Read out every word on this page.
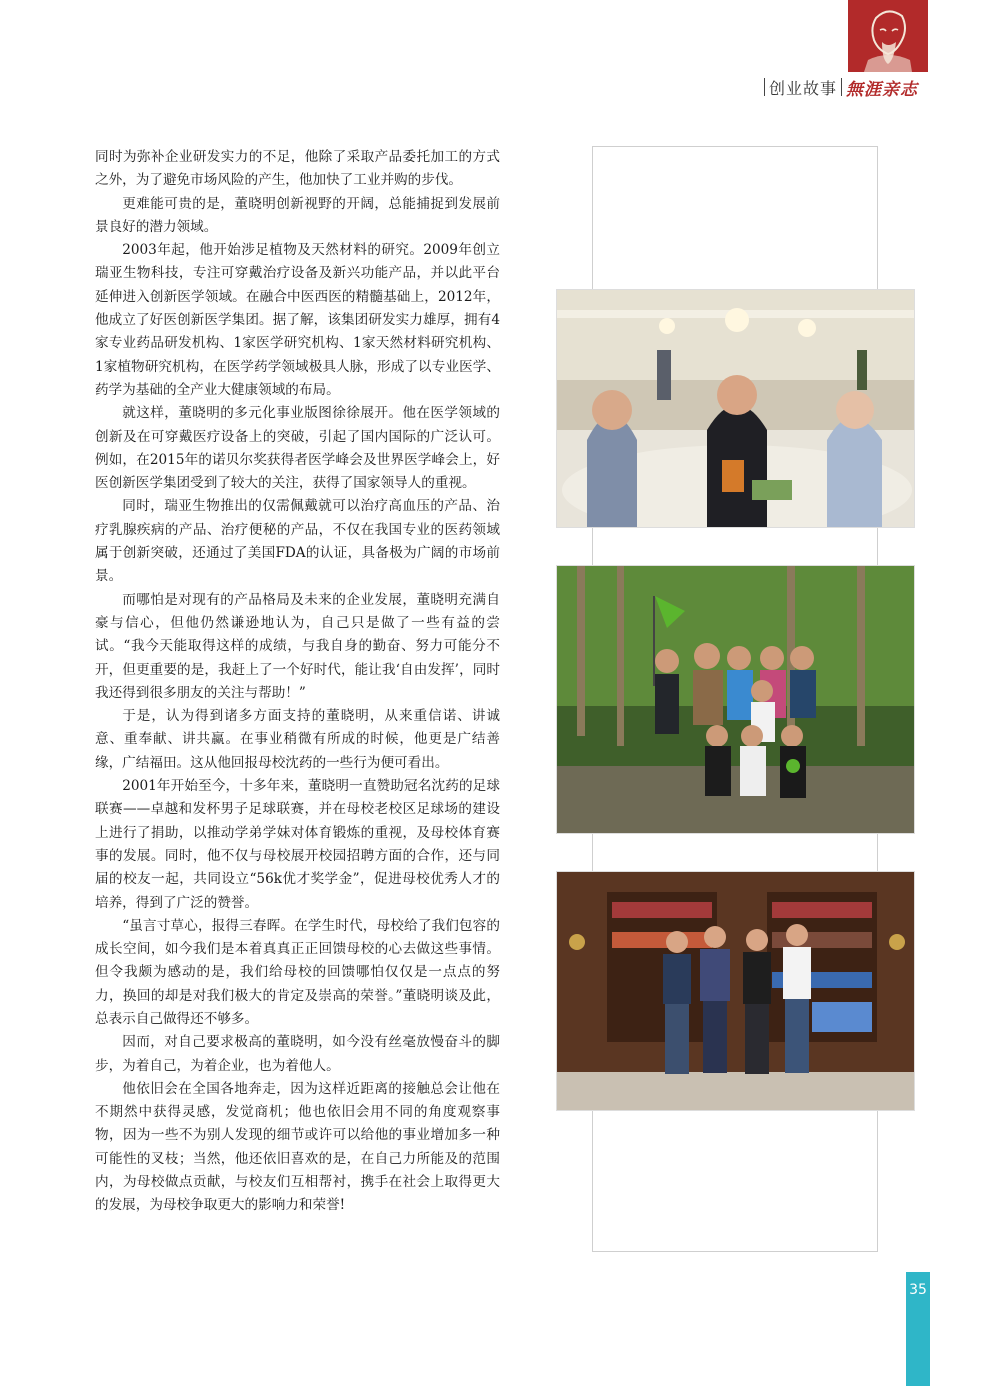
创业故事 無涯亲志

同时为弥补企业研发实力的不足，他除了采取产品委托加工的方式之外，为了避免市场风险的产生，他加快了工业并购的步伐。

更难能可贵的是，董晓明创新视野的开阔，总能捕捉到发展前景良好的潜力领域。

2003年起，他开始涉足植物及天然材料的研究。2009年创立瑞亚生物科技，专注可穿戴治疗设备及新兴功能产品，并以此平台延伸进入创新医学领域。在融合中医西医的精髓基础上，2012年，他成立了好医创新医学集团。据了解，该集团研发实力雄厚，拥有4家专业药品研发机构、1家医学研究机构、1家天然材料研究机构、1家植物研究机构，在医学药学领域极具人脉，形成了以专业医学、药学为基础的全产业大健康领域的布局。

就这样，董晓明的多元化事业版图徐徐展开。他在医学领域的创新及在可穿戴医疗设备上的突破，引起了国内国际的广泛认可。例如，在2015年的诺贝尔奖获得者医学峰会及世界医学峰会上，好医创新医学集团受到了较大的关注，获得了国家领导人的重视。

同时，瑞亚生物推出的仅需佩戴就可以治疗高血压的产品、治疗乳腺疾病的产品、治疗便秘的产品，不仅在我国专业的医药领域属于创新突破，还通过了美国FDA的认证，具备极为广阔的市场前景。

而哪怕是对现有的产品格局及未来的企业发展，董晓明充满自豪与信心，但他仍然谦逊地认为，自己只是做了一些有益的尝试。“我今天能取得这样的成绩，与我自身的勤奋、努力可能分不开，但更重要的是，我赶上了一个好时代，能让我‘自由发挥’，同时我还得到很多朋友的关注与帮助！”

于是，认为得到诸多方面支持的董晓明，从来重信诺、讲诚意、重奉献、讲共赢。在事业稍微有所成的时候，他更是广结善缘，广结福田。这从他回报母校沈药的一些行为便可看出。

2001年开始至今，十多年来，董晓明一直赞助冠名沈药的足球联赛——卓越和发杯男子足球联赛，并在母校老校区足球场的建设上进行了捐助，以推动学弟学妹对体育锻炼的重视，及母校体育赛事的发展。同时，他不仅与母校展开校园招聘方面的合作，还与同届的校友一起，共同设立“56k优才奖学金”，促进母校优秀人才的培养，得到了广泛的赞誉。

“虽言寸草心，报得三春晖。在学生时代，母校给了我们包容的成长空间，如今我们是本着真真正正回馈母校的心去做这些事情。但令我颇为感动的是，我们给母校的回馈哪怕仅仅是一点点的努力，换回的却是对我们极大的肯定及崇高的荣誉。”董晓明谈及此，总表示自己做得还不够多。

因而，对自己要求极高的董晓明，如今没有丝毫放慢奋斗的脚步，为着自己，为着企业，也为着他人。

他依旧会在全国各地奔走，因为这样近距离的接触总会让他在不期然中获得灵感，发觉商机；他也依旧会用不同的角度观察事物，因为一些不为别人发现的细节或许可以给他的事业增加多一种可能性的叉枝；当然，他还依旧喜欢的是，在自己力所能及的范围内，为母校做点贡献，与校友们互相帮衬，携手在社会上取得更大的发展，为母校争取更大的影响力和荣誉!

35
